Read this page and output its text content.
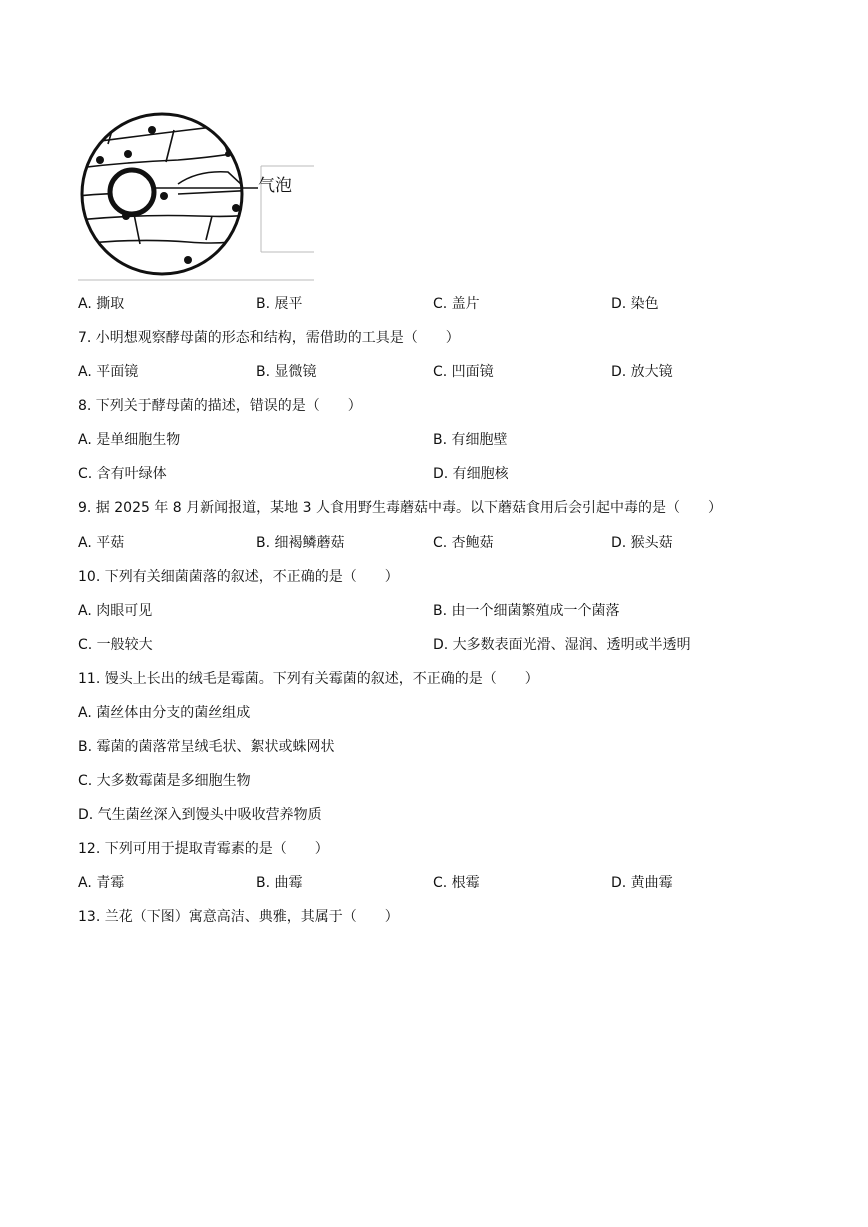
气泡
A. 撕取	B. 展平	C. 盖片	D. 染色
7. 小明想观察酵母菌的形态和结构，需借助的工具是（　　）
A. 平面镜	B. 显微镜	C. 凹面镜	D. 放大镜
8. 下列关于酵母菌的描述，错误的是（　　）
A. 是单细胞生物	B. 有细胞壁
C. 含有叶绿体	D. 有细胞核
9. 据 2025 年 8 月新闻报道，某地 3 人食用野生毒蘑菇中毒。以下蘑菇食用后会引起中毒的是（　　）
A. 平菇	B. 细褐鳞蘑菇	C. 杏鲍菇	D. 猴头菇
10. 下列有关细菌菌落的叙述，不正确的是（　　）
A. 肉眼可见	B. 由一个细菌繁殖成一个菌落
C. 一般较大	D. 大多数表面光滑、湿润、透明或半透明
11. 馒头上长出的绒毛是霉菌。下列有关霉菌的叙述，不正确的是（　　）
A. 菌丝体由分支的菌丝组成
B. 霉菌的菌落常呈绒毛状、絮状或蛛网状
C. 大多数霉菌是多细胞生物
D. 气生菌丝深入到馒头中吸收营养物质
12. 下列可用于提取青霉素的是（　　）
A. 青霉	B. 曲霉	C. 根霉	D. 黄曲霉
13. 兰花（下图）寓意高洁、典雅，其属于（　　）
